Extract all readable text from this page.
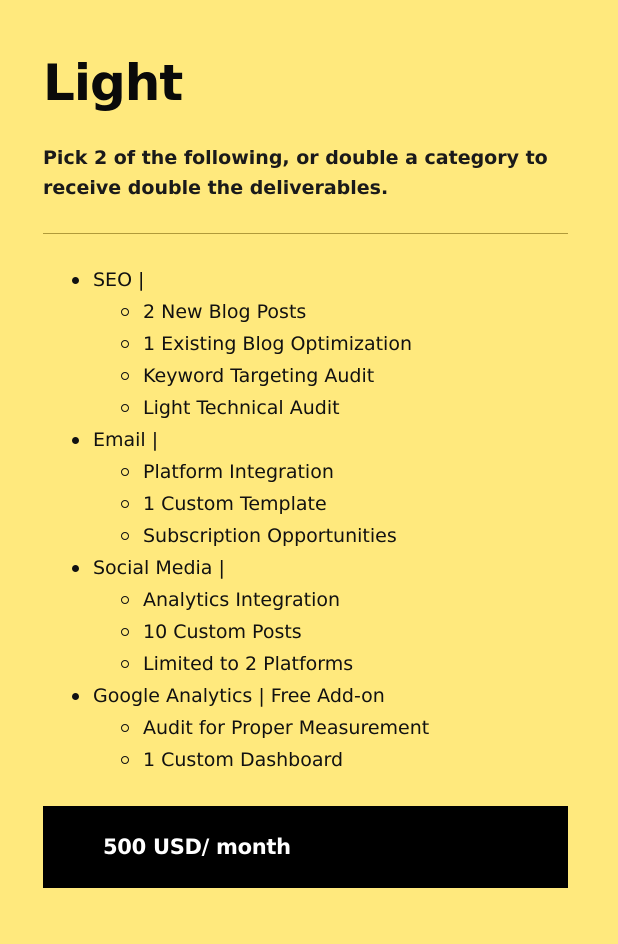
Light

Pick 2 of the following, or double a category to receive double the deliverables.

SEO |
2 New Blog Posts
1 Existing Blog Optimization
Keyword Targeting Audit
Light Technical Audit
Email |
Platform Integration
1 Custom Template
Subscription Opportunities
Social Media |
Analytics Integration
10 Custom Posts
Limited to 2 Platforms
Google Analytics | Free Add-on
Audit for Proper Measurement
1 Custom Dashboard
500 USD/ month
